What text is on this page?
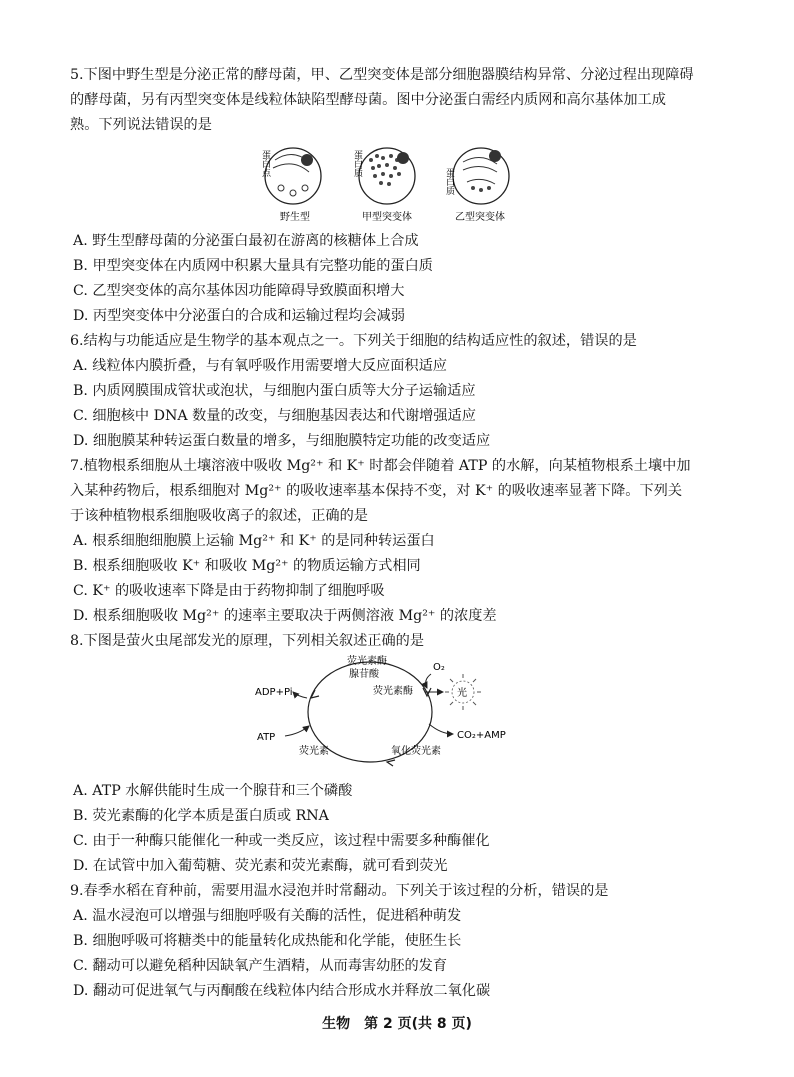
5.下图中野生型是分泌正常的酵母菌，甲、乙型突变体是部分细胞器膜结构异常、分泌过程出现障碍
的酵母菌，另有丙型突变体是线粒体缺陷型酵母菌。图中分泌蛋白需经内质网和高尔基体加工成
熟。下列说法错误的是
蛋白点
野生型
蛋白质
甲型突变体
蛋白质
乙型突变体
A. 野生型酵母菌的分泌蛋白最初在游离的核糖体上合成
B. 甲型突变体在内质网中积累大量具有完整功能的蛋白质
C. 乙型突变体的高尔基体因功能障碍导致膜面积增大
D. 丙型突变体中分泌蛋白的合成和运输过程均会减弱
6.结构与功能适应是生物学的基本观点之一。下列关于细胞的结构适应性的叙述，错误的是
A. 线粒体内膜折叠，与有氧呼吸作用需要增大反应面积适应
B. 内质网膜围成管状或泡状，与细胞内蛋白质等大分子运输适应
C. 细胞核中 DNA 数量的改变，与细胞基因表达和代谢增强适应
D. 细胞膜某种转运蛋白数量的增多，与细胞膜特定功能的改变适应
7.植物根系细胞从土壤溶液中吸收 Mg²⁺ 和 K⁺ 时都会伴随着 ATP 的水解，向某植物根系土壤中加
入某种药物后，根系细胞对 Mg²⁺ 的吸收速率基本保持不变，对 K⁺ 的吸收速率显著下降。下列关
于该种植物根系细胞吸收离子的叙述，正确的是
A. 根系细胞细胞膜上运输 Mg²⁺ 和 K⁺ 的是同种转运蛋白
B. 根系细胞吸收 K⁺ 和吸收 Mg²⁺ 的物质运输方式相同
C. K⁺ 的吸收速率下降是由于药物抑制了细胞呼吸
D. 根系细胞吸收 Mg²⁺ 的速率主要取决于两侧溶液 Mg²⁺ 的浓度差
8.下图是萤火虫尾部发光的原理，下列相关叙述正确的是
荧光素酶
腺苷酸
O₂
荧光素酶	光
ADP+Pi
ATP	CO₂+AMP
荧光素	氧化荧光素
A. ATP 水解供能时生成一个腺苷和三个磷酸
B. 荧光素酶的化学本质是蛋白质或 RNA
C. 由于一种酶只能催化一种或一类反应，该过程中需要多种酶催化
D. 在试管中加入葡萄糖、荧光素和荧光素酶，就可看到荧光
9.春季水稻在育种前，需要用温水浸泡并时常翻动。下列关于该过程的分析，错误的是
A. 温水浸泡可以增强与细胞呼吸有关酶的活性，促进稻种萌发
B. 细胞呼吸可将糖类中的能量转化成热能和化学能，使胚生长
C. 翻动可以避免稻种因缺氧产生酒精，从而毒害幼胚的发育
D. 翻动可促进氧气与丙酮酸在线粒体内结合形成水并释放二氧化碳
生物　第 2 页(共 8 页)
